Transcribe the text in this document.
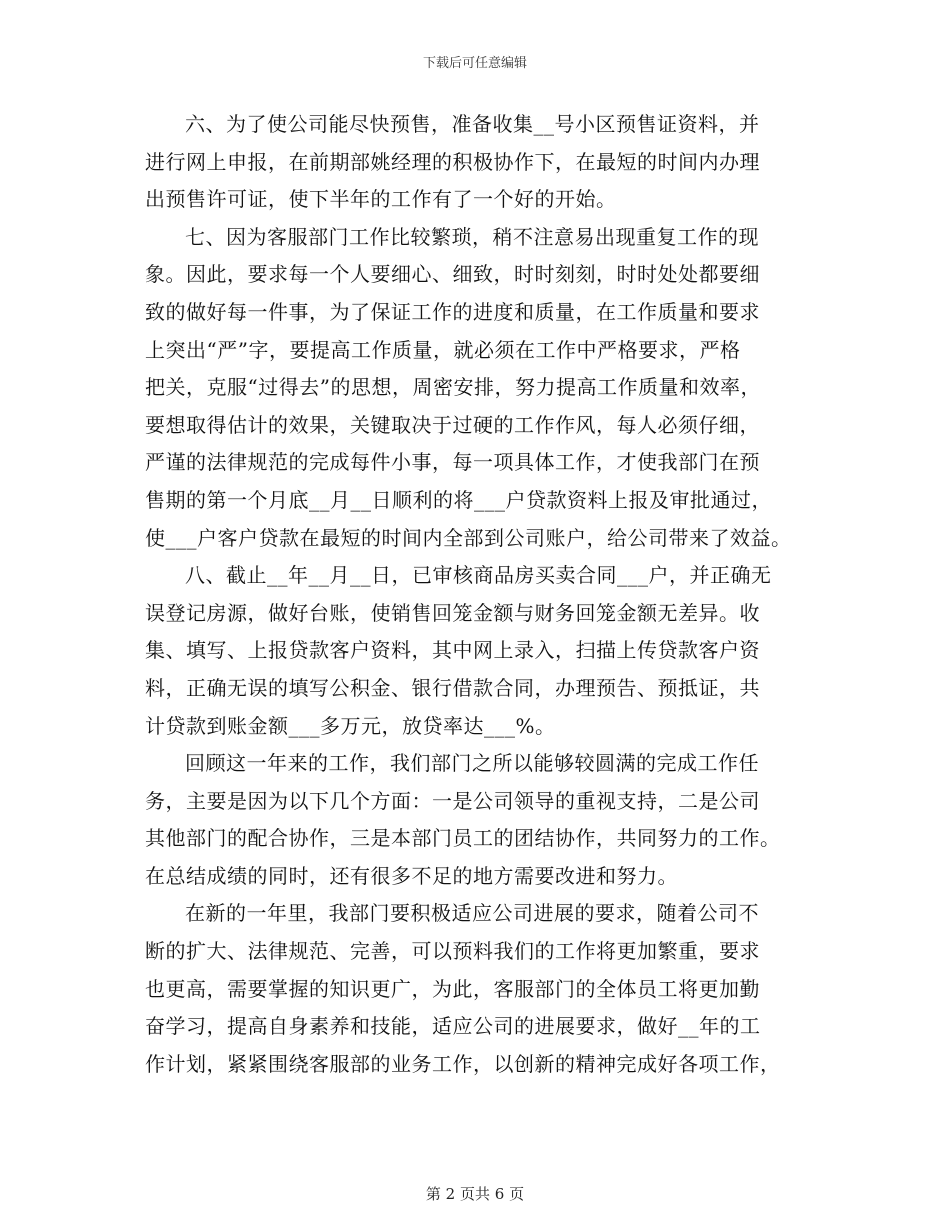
下载后可任意编辑
六、为了使公司能尽快预售，准备收集__号小区预售证资料，并
进行网上申报，在前期部姚经理的积极协作下，在最短的时间内办理
出预售许可证，使下半年的工作有了一个好的开始。
七、因为客服部门工作比较繁琐，稍不注意易出现重复工作的现
象。因此，要求每一个人要细心、细致，时时刻刻，时时处处都要细
致的做好每一件事，为了保证工作的进度和质量，在工作质量和要求
上突出“严”字，要提高工作质量，就必须在工作中严格要求，严格
把关，克服“过得去”的思想，周密安排，努力提高工作质量和效率，
要想取得估计的效果，关键取决于过硬的工作作风，每人必须仔细，
严谨的法律规范的完成每件小事，每一项具体工作，才使我部门在预
售期的第一个月底__月__日顺利的将___户贷款资料上报及审批通过，
使___户客户贷款在最短的时间内全部到公司账户，给公司带来了效益。
八、截止__年__月__日，已审核商品房买卖合同___户，并正确无
误登记房源，做好台账，使销售回笼金额与财务回笼金额无差异。收
集、填写、上报贷款客户资料，其中网上录入，扫描上传贷款客户资
料，正确无误的填写公积金、银行借款合同，办理预告、预抵证，共
计贷款到账金额___多万元，放贷率达___%。
回顾这一年来的工作，我们部门之所以能够较圆满的完成工作任
务，主要是因为以下几个方面：一是公司领导的重视支持，二是公司
其他部门的配合协作，三是本部门员工的团结协作，共同努力的工作。
在总结成绩的同时，还有很多不足的地方需要改进和努力。
在新的一年里，我部门要积极适应公司进展的要求，随着公司不
断的扩大、法律规范、完善，可以预料我们的工作将更加繁重，要求
也更高，需要掌握的知识更广，为此，客服部门的全体员工将更加勤
奋学习，提高自身素养和技能，适应公司的进展要求，做好__年的工
作计划，紧紧围绕客服部的业务工作，以创新的精神完成好各项工作，
第 2 页共 6 页
